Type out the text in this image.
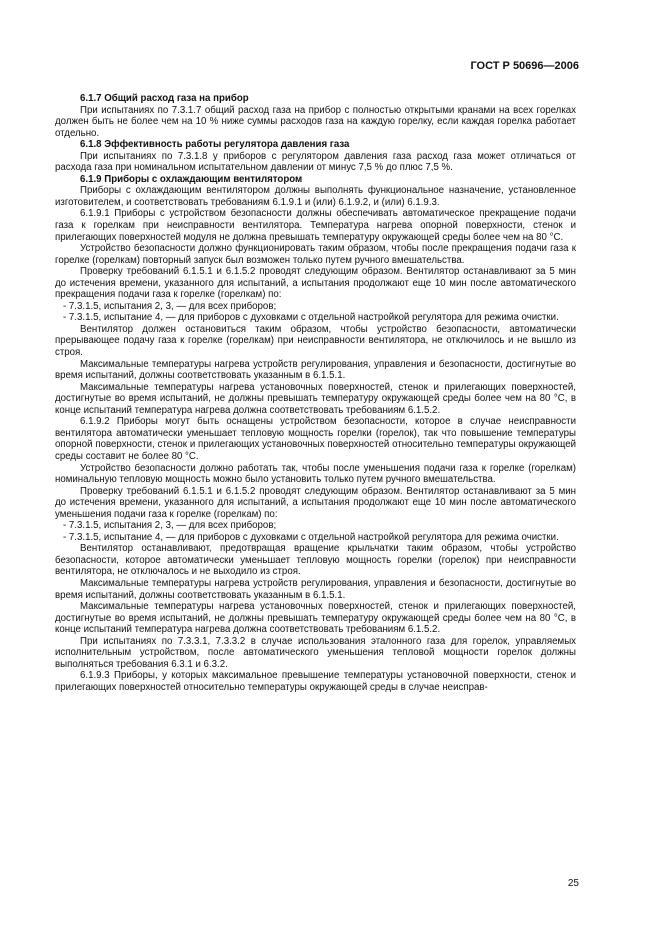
ГОСТ Р 50696—2006

6.1.7 Общий расход газа на прибор

При испытаниях по 7.3.1.7 общий расход газа на прибор с полностью открытыми кранами на всех горелках должен быть не более чем на 10 % ниже суммы расходов газа на каждую горелку, если каждая горелка работает отдельно.

6.1.8 Эффективность работы регулятора давления газа

При испытаниях по 7.3.1.8 у приборов с регулятором давления газа расход газа может отличаться от расхода газа при номинальном испытательном давлении от минус 7,5 % до плюс 7,5 %.

6.1.9 Приборы с охлаждающим вентилятором

Приборы с охлаждающим вентилятором должны выполнять функциональное назначение, установленное изготовителем, и соответствовать требованиям 6.1.9.1 и (или) 6.1.9.2, и (или) 6.1.9.3.

6.1.9.1 Приборы с устройством безопасности должны обеспечивать автоматическое прекращение подачи газа к горелкам при неисправности вентилятора. Температура нагрева опорной поверхности, стенок и прилегающих поверхностей модуля не должна превышать температуру окружающей среды более чем на 80 °С.

Устройство безопасности должно функционировать таким образом, чтобы после прекращения подачи газа к горелке (горелкам) повторный запуск был возможен только путем ручного вмешательства.

Проверку требований 6.1.5.1 и 6.1.5.2 проводят следующим образом. Вентилятор останавливают за 5 мин до истечения времени, указанного для испытаний, а испытания продолжают еще 10 мин после автоматического прекращения подачи газа к горелке (горелкам) по:

- 7.3.1.5, испытания 2, 3, — для всех приборов;

- 7.3.1.5, испытание 4, — для приборов с духовками с отдельной настройкой регулятора для режима очистки.

Вентилятор должен остановиться таким образом, чтобы устройство безопасности, автоматически прерывающее подачу газа к горелке (горелкам) при неисправности вентилятора, не отключилось и не вышло из строя.

Максимальные температуры нагрева устройств регулирования, управления и безопасности, достигнутые во время испытаний, должны соответствовать указанным в 6.1.5.1.

Максимальные температуры нагрева установочных поверхностей, стенок и прилегающих поверхностей, достигнутые во время испытаний, не должны превышать температуру окружающей среды более чем на 80 °С, в конце испытаний температура нагрева должна соответствовать требованиям 6.1.5.2.

6.1.9.2 Приборы могут быть оснащены устройством безопасности, которое в случае неисправности вентилятора автоматически уменьшает тепловую мощность горелки (горелок), так что повышение температуры опорной поверхности, стенок и прилегающих установочных поверхностей относительно температуры окружающей среды составит не более 80 °С.

Устройство безопасности должно работать так, чтобы после уменьшения подачи газа к горелке (горелкам) номинальную тепловую мощность можно было установить только путем ручного вмешательства.

Проверку требований 6.1.5.1 и 6.1.5.2 проводят следующим образом. Вентилятор останавливают за 5 мин до истечения времени, указанного для испытаний, а испытания продолжают еще 10 мин после автоматического уменьшения подачи газа к горелке (горелкам) по:

- 7.3.1.5, испытания 2, 3, — для всех приборов;

- 7.3.1.5, испытание 4, — для приборов с духовками с отдельной настройкой регулятора для режима очистки.

Вентилятор останавливают, предотвращая вращение крыльчатки таким образом, чтобы устройство безопасности, которое автоматически уменьшает тепловую мощность горелки (горелок) при неисправности вентилятора, не отключалось и не выходило из строя.

Максимальные температуры нагрева устройств регулирования, управления и безопасности, достигнутые во время испытаний, должны соответствовать указанным в 6.1.5.1.

Максимальные температуры нагрева установочных поверхностей, стенок и прилегающих поверхностей, достигнутые во время испытаний, не должны превышать температуру окружающей среды более чем на 80 °С, в конце испытаний температура нагрева должна соответствовать требованиям 6.1.5.2.

При испытаниях по 7.3.3.1, 7.3.3.2 в случае использования эталонного газа для горелок, управляемых исполнительным устройством, после автоматического уменьшения тепловой мощности горелок должны выполняться требования 6.3.1 и 6.3.2.

6.1.9.3 Приборы, у которых максимальное превышение температуры установочной поверхности, стенок и прилегающих поверхностей относительно температуры окружающей среды в случае неисправ-

25
